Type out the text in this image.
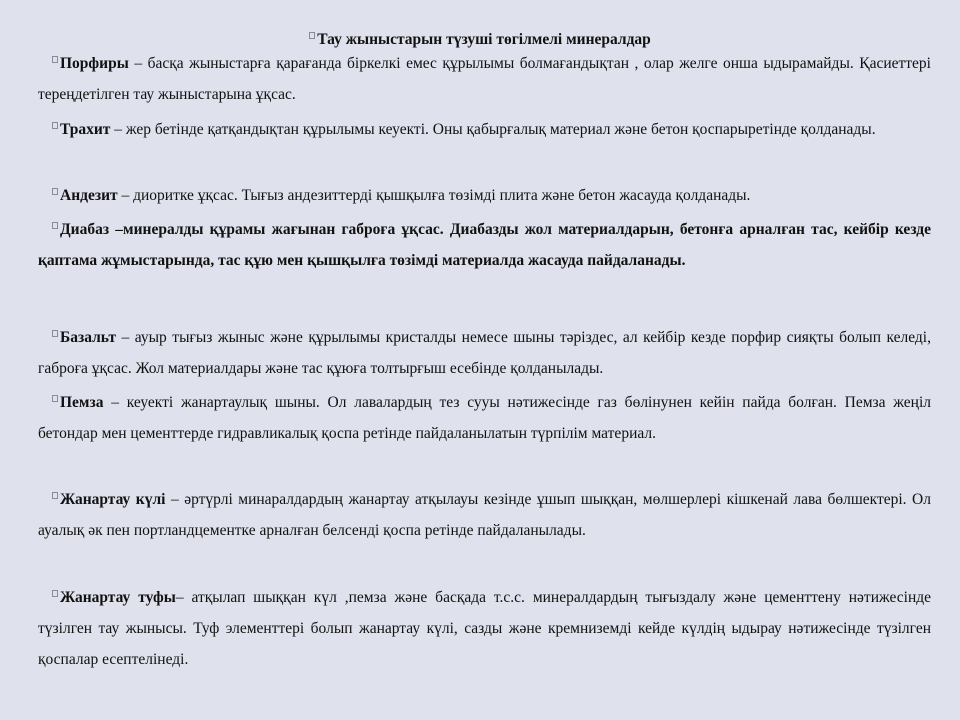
Тау жыныстарын түзуші төгілмелі минералдар

Порфиры – басқа жыныстарға қарағанда біркелкі емес құрылымы болмағандықтан , олар желге онша ыдырамайды. Қасиеттері тереңдетілген тау жыныстарына ұқсас.

Трахит – жер бетінде қатқандықтан құрылымы кеуекті. Оны қабырғалық материал және бетон қоспарыретінде қолданады.

Андезит – диоритке ұқсас. Тығыз андезиттерді қышқылға төзімді плита және бетон жасауда қолданады.

Диабаз –минералды құрамы жағынан габроға ұқсас. Диабазды жол материалдарын, бетонға арналған тас, кейбір кезде қаптама жұмыстарында, тас құю мен қышқылға төзімді материалда жасауда пайдаланады.

Базальт – ауыр тығыз жыныс және құрылымы кристалды немесе шыны тәріздес, ал кейбір кезде порфир сияқты болып келеді, габроға ұқсас. Жол материалдары және тас құюға толтырғыш есебінде қолданылады.

Пемза – кеуекті жанартаулық шыны. Ол лавалардың тез сууы нәтижесінде газ бөлінунен кейін пайда болған. Пемза жеңіл бетондар мен цементтерде гидравликалық қоспа ретінде пайдаланылатын түрпілім материал.

Жанартау күлі – әртүрлі минаралдардың жанартау атқылауы кезінде ұшып шыққан, мөлшерлері кішкенай лава бөлшектері. Ол ауалық әк пен портландцементке арналған белсенді қоспа ретінде пайдаланылады.

Жанартау туфы– атқылап шыққан күл ,пемза және басқада т.с.с. минералдардың тығыздалу және цементтену нәтижесінде түзілген тау жынысы. Туф элементтері болып жанартау күлі, сазды және кремниземді кейде күлдің ыдырау нәтижесінде түзілген қоспалар есептелінеді.
